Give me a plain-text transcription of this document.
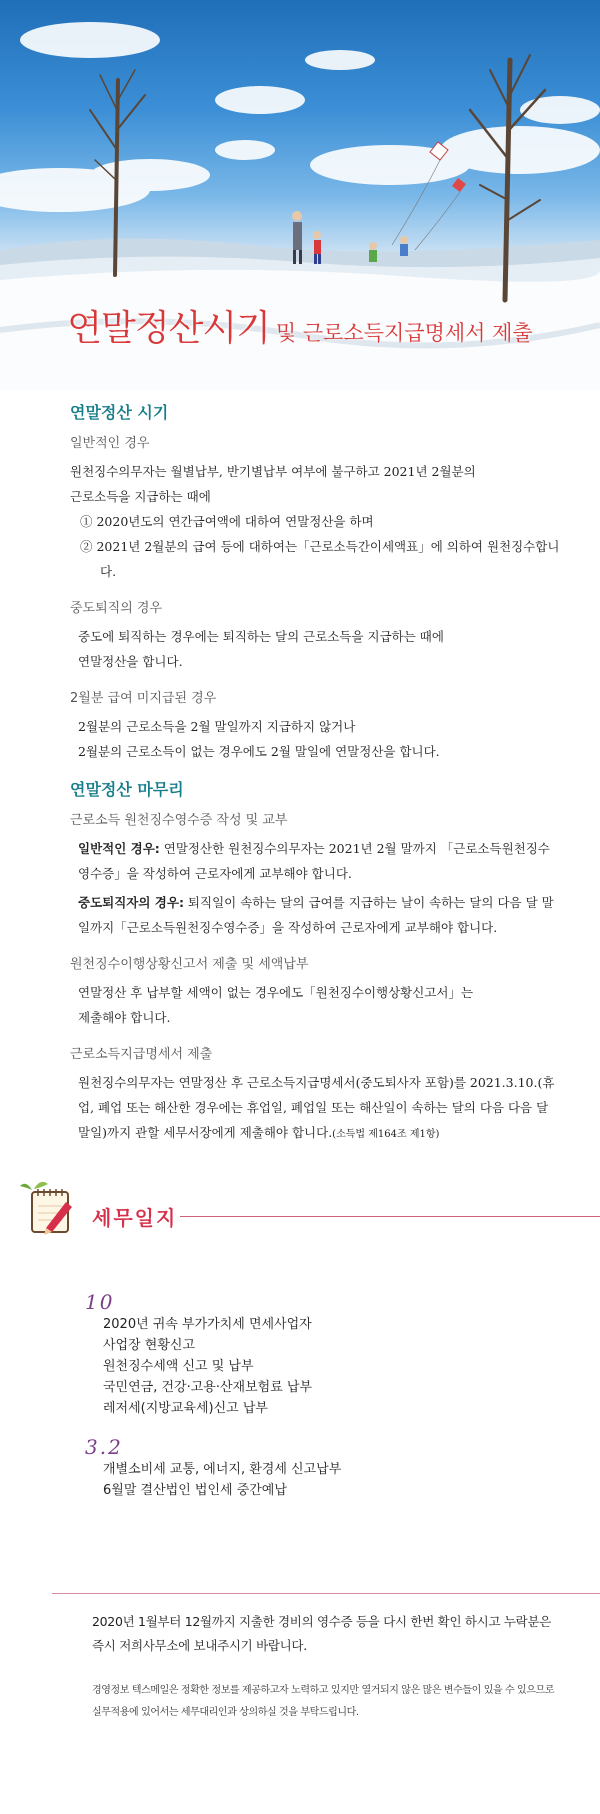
연말정산시기 및 근로소득지급명세서 제출
연말정산 시기
일반적인 경우
원천징수의무자는 월별납부, 반기별납부 여부에 불구하고 2021년 2월분의
근로소득을 지급하는 때에
① 2020년도의 연간급여액에 대하여 연말정산을 하며
② 2021년 2월분의 급여 등에 대하여는「근로소득간이세액표」에 의하여 원천징수합니다.
중도퇴직의 경우
중도에 퇴직하는 경우에는 퇴직하는 달의 근로소득을 지급하는 때에
연말정산을 합니다.
2월분 급여 미지급된 경우
2월분의 근로소득을 2월 말일까지 지급하지 않거나
2월분의 근로소득이 없는 경우에도 2월 말일에 연말정산을 합니다.
연말정산 마무리
근로소득 원천징수영수증 작성 및 교부
일반적인 경우: 연말정산한 원천징수의무자는 2021년 2월 말까지 「근로소득원천징수영수증」을 작성하여 근로자에게 교부해야 합니다.
중도퇴직자의 경우: 퇴직일이 속하는 달의 급여를 지급하는 날이 속하는 달의 다음 달 말일까지「근로소득원천징수영수증」을 작성하여 근로자에게 교부해야 합니다.
원천징수이행상황신고서 제출 및 세액납부
연말정산 후 납부할 세액이 없는 경우에도「원천징수이행상황신고서」는
제출해야 합니다.
근로소득지급명세서 제출
원천징수의무자는 연말정산 후 근로소득지급명세서(중도퇴사자 포함)를 2021.3.10.(휴업, 폐업 또는 해산한 경우에는 휴업일, 폐업일 또는 해산일이 속하는 달의 다음 다음 달 말일)까지 관할 세무서장에게 제출해야 합니다.(소득법 제164조 제1항)
세무일지
10
2020년 귀속 부가가치세 면세사업자
사업장 현황신고
원천징수세액 신고 및 납부
국민연금, 건강·고용·산재보험료 납부
레저세(지방교육세)신고 납부
3.2
개별소비세 교통, 에너지, 환경세 신고납부
6월말 결산법인 법인세 중간예납
2020년 1월부터 12월까지 지출한 경비의 영수증 등을 다시 한번 확인 하시고 누락분은 즉시 저희사무소에 보내주시기 바랍니다.
경영정보 텍스메일은 정확한 정보를 제공하고자 노력하고 있지만 열거되지 않은 많은 변수들이 있을 수 있으므로 실무적용에 있어서는 세무대리인과 상의하실 것을 부탁드립니다.
